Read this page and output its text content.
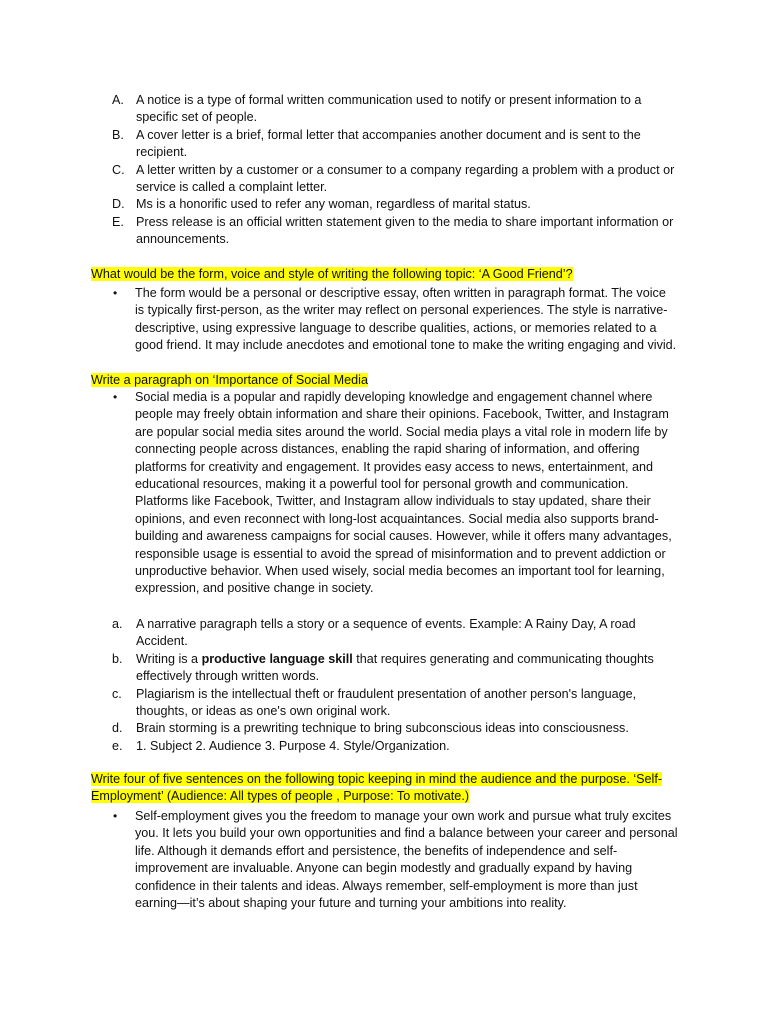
A. A notice is a type of formal written communication used to notify or present information to a specific set of people.
B. A cover letter is a brief, formal letter that accompanies another document and is sent to the recipient.
C. A letter written by a customer or a consumer to a company regarding a problem with a product or service is called a complaint letter.
D. Ms is a honorific used to refer any woman, regardless of marital status.
E. Press release is an official written statement given to the media to share important information or announcements.
What would be the form, voice and style of writing the following topic: ‘A Good Friend’?
• The form would be a personal or descriptive essay, often written in paragraph format. The voice is typically first-person, as the writer may reflect on personal experiences. The style is narrative-descriptive, using expressive language to describe qualities, actions, or memories related to a good friend. It may include anecdotes and emotional tone to make the writing engaging and vivid.
Write a paragraph on ‘Importance of Social Media
• Social media is a popular and rapidly developing knowledge and engagement channel where people may freely obtain information and share their opinions. Facebook, Twitter, and Instagram are popular social media sites around the world. Social media plays a vital role in modern life by connecting people across distances, enabling the rapid sharing of information, and offering platforms for creativity and engagement. It provides easy access to news, entertainment, and educational resources, making it a powerful tool for personal growth and communication. Platforms like Facebook, Twitter, and Instagram allow individuals to stay updated, share their opinions, and even reconnect with long-lost acquaintances. Social media also supports brand-building and awareness campaigns for social causes. However, while it offers many advantages, responsible usage is essential to avoid the spread of misinformation and to prevent addiction or unproductive behavior. When used wisely, social media becomes an important tool for learning, expression, and positive change in society.
a. A narrative paragraph tells a story or a sequence of events. Example: A Rainy Day, A road Accident.
b. Writing is a productive language skill that requires generating and communicating thoughts effectively through written words.
c. Plagiarism is the intellectual theft or fraudulent presentation of another person's language, thoughts, or ideas as one's own original work.
d. Brain storming is a prewriting technique to bring subconscious ideas into consciousness.
e. 1. Subject 2. Audience 3. Purpose 4. Style/Organization.
Write four of five sentences on the following topic keeping in mind the audience and the purpose. ‘Self-Employment’ (Audience: All types of people , Purpose: To motivate.)
• Self-employment gives you the freedom to manage your own work and pursue what truly excites you. It lets you build your own opportunities and find a balance between your career and personal life. Although it demands effort and persistence, the benefits of independence and self-improvement are invaluable. Anyone can begin modestly and gradually expand by having confidence in their talents and ideas. Always remember, self-employment is more than just earning—it’s about shaping your future and turning your ambitions into reality.
